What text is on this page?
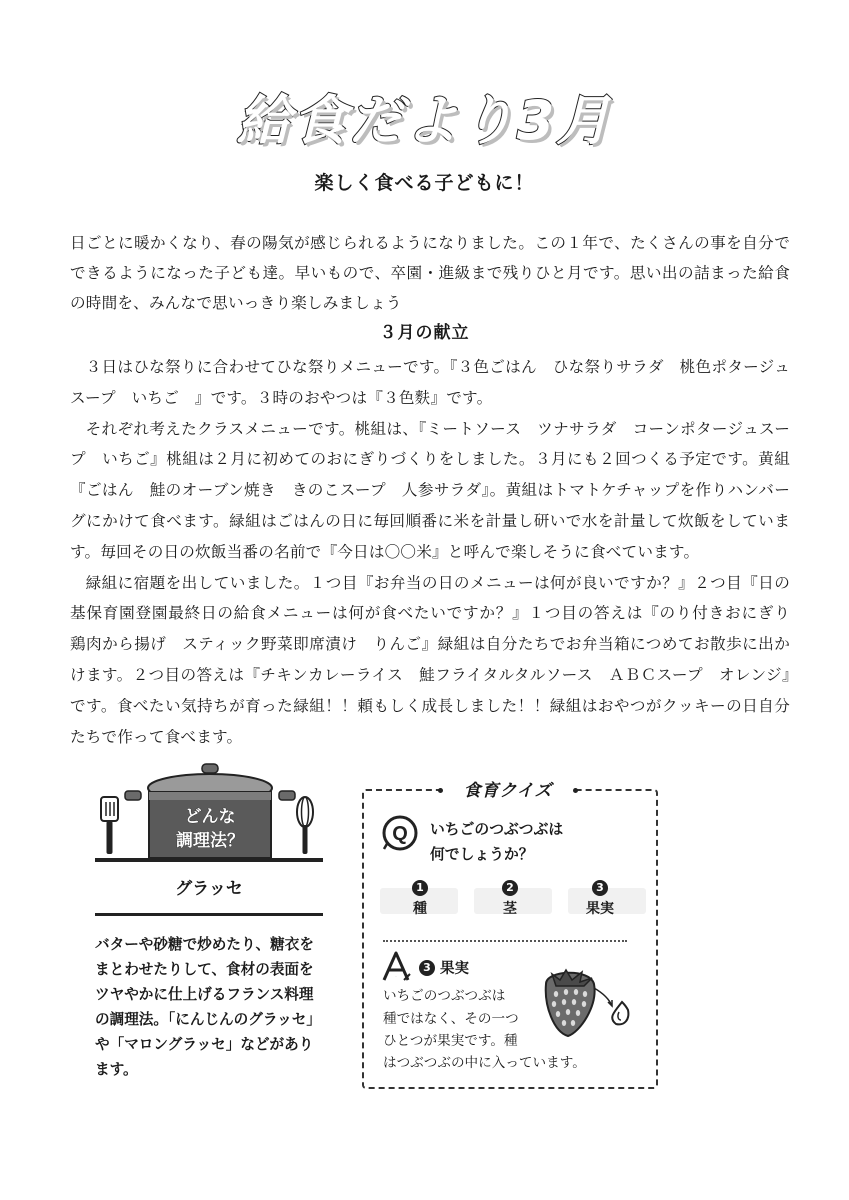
給食だより3月
楽しく食べる子どもに！

日ごとに暖かくなり、春の陽気が感じられるようになりました。この１年で、たくさんの事を自分でできるようになった子ども達。早いもので、卒園・進級まで残りひと月です。思い出の詰まった給食の時間を、みんなで思いっきり楽しみましょう

３月の献立

３日はひな祭りに合わせてひな祭りメニューです。『３色ごはん　ひな祭りサラダ　桃色ポタージュスープ　いちご　』です。３時のおやつは『３色麩』です。

それぞれ考えたクラスメニューです。桃組は、『ミートソース　ツナサラダ　コーンポタージュスープ　いちご』桃組は２月に初めてのおにぎりづくりをしました。３月にも２回つくる予定です。黄組『ごはん　鮭のオーブン焼き　きのこスープ　人参サラダ』。黄組はトマトケチャップを作りハンバーグにかけて食べます。緑組はごはんの日に毎回順番に米を計量し研いで水を計量して炊飯をしています。毎回その日の炊飯当番の名前で『今日は〇〇米』と呼んで楽しそうに食べています。

緑組に宿題を出していました。１つ目『お弁当の日のメニューは何が良いですか？』２つ目『日の基保育園登園最終日の給食メニューは何が食べたいですか？』１つ目の答えは『のり付きおにぎり　鶏肉から揚げ　スティック野菜即席漬け　りんご』緑組は自分たちでお弁当箱につめてお散歩に出かけます。２つ目の答えは『チキンカレーライス　鮭フライタルタルソース　ＡＢＣスープ　オレンジ』です。食べたい気持ちが育った緑組！！頼もしく成長しました！！緑組はおやつがクッキーの日自分たちで作って食べます。

どんな
調理法？
グラッセ

バターや砂糖で炒めたり、糖衣をまとわせたりして、食材の表面をツヤやかに仕上げるフランス料理の調理法。「にんじんのグラッセ」や「マロングラッセ」などがあります。

食育クイズ
Q いちごのつぶつぶは
何でしょうか？
1
種
2
茎
3
果実
A
3 果実
いちごのつぶつぶは
種ではなく、その一つ
ひとつが果実です。種
はつぶつぶの中に入っています。
